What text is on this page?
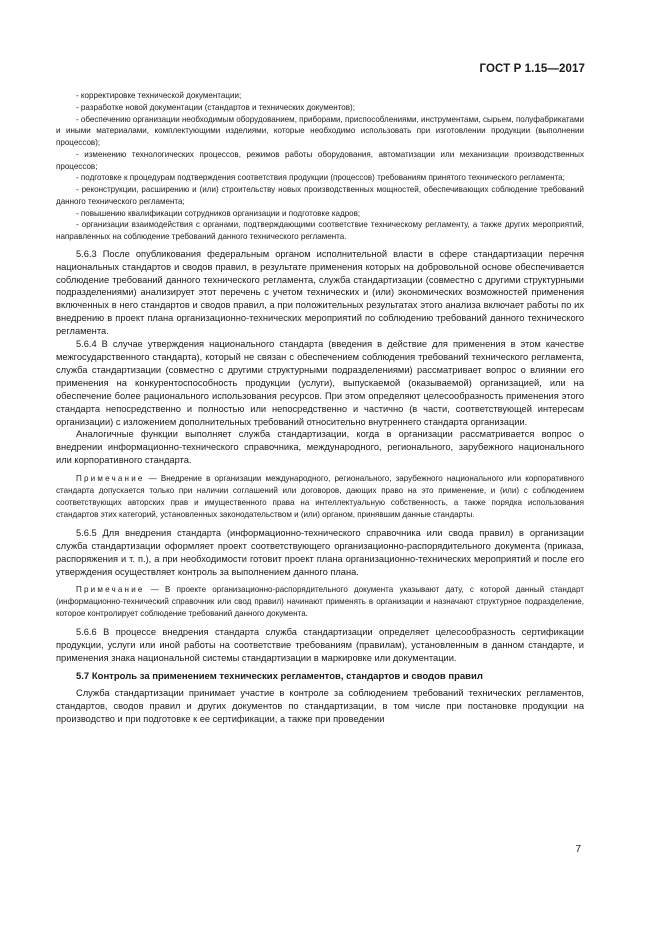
ГОСТ Р 1.15—2017

- корректировке технической документации;

- разработке новой документации (стандартов и технических документов);

- обеспечению организации необходимым оборудованием, приборами, приспособлениями, инструментами, сырьем, полуфабрикатами и иными материалами, комплектующими изделиями, которые необходимо использовать при изготовлении продукции (выполнении процессов);

- изменению технологических процессов, режимов работы оборудования, автоматизации или механизации производственных процессов;

- подготовке к процедурам подтверждения соответствия продукции (процессов) требованиям принятого технического регламента;

- реконструкции, расширению и (или) строительству новых производственных мощностей, обеспечивающих соблюдение требований данного технического регламента;

- повышению квалификации сотрудников организации и подготовке кадров;

- организации взаимодействия с органами, подтверждающими соответствие техническому регламенту, а также других мероприятий, направленных на соблюдение требований данного технического регламента.

5.6.3 После опубликования федеральным органом исполнительной власти в сфере стандартизации перечня национальных стандартов и сводов правил, в результате применения которых на добровольной основе обеспечивается соблюдение требований данного технического регламента, служба стандартизации (совместно с другими структурными подразделениями) анализирует этот перечень с учетом технических и (или) экономических возможностей применения включенных в него стандартов и сводов правил, а при положительных результатах этого анализа включает работы по их внедрению в проект плана организационно-технических мероприятий по соблюдению требований данного технического регламента.

5.6.4 В случае утверждения национального стандарта (введения в действие для применения в этом качестве межгосударственного стандарта), который не связан с обеспечением соблюдения требований технического регламента, служба стандартизации (совместно с другими структурными подразделениями) рассматривает вопрос о влиянии его применения на конкурентоспособность продукции (услуги), выпускаемой (оказываемой) организацией, или на обеспечение более рационального использования ресурсов. При этом определяют целесообразность применения этого стандарта непосредственно и полностью или непосредственно и частично (в части, соответствующей интересам организации) с изложением дополнительных требований относительно внутреннего стандарта организации.

Аналогичные функции выполняет служба стандартизации, когда в организации рассматривается вопрос о внедрении информационно-технического справочника, международного, регионального, зарубежного национального или корпоративного стандарта.

Примечание — Внедрение в организации международного, регионального, зарубежного национального или корпоративного стандарта допускается только при наличии соглашений или договоров, дающих право на это применение, и (или) с соблюдением соответствующих авторских прав и имущественного права на интеллектуальную собственность, а также порядка использования стандартов этих категорий, установленных законодательством и (или) органом, принявшим данные стандарты.

5.6.5 Для внедрения стандарта (информационно-технического справочника или свода правил) в организации служба стандартизации оформляет проект соответствующего организационно-распорядительного документа (приказа, распоряжения и т. п.), а при необходимости готовит проект плана организационно-технических мероприятий и после его утверждения осуществляет контроль за выполнением данного плана.

Примечание — В проекте организационно-распорядительного документа указывают дату, с которой данный стандарт (информационно-технический справочник или свод правил) начинают применять в организации и назначают структурное подразделение, которое контролирует соблюдение требований данного документа.

5.6.6 В процессе внедрения стандарта служба стандартизации определяет целесообразность сертификации продукции, услуги или иной работы на соответствие требованиям (правилам), установленным в данном стандарте, и применения знака национальной системы стандартизации в маркировке или документации.

5.7 Контроль за применением технических регламентов, стандартов и сводов правил

Служба стандартизации принимает участие в контроле за соблюдением требований технических регламентов, стандартов, сводов правил и других документов по стандартизации, в том числе при постановке продукции на производство и при подготовке к ее сертификации, а также при проведении

7
